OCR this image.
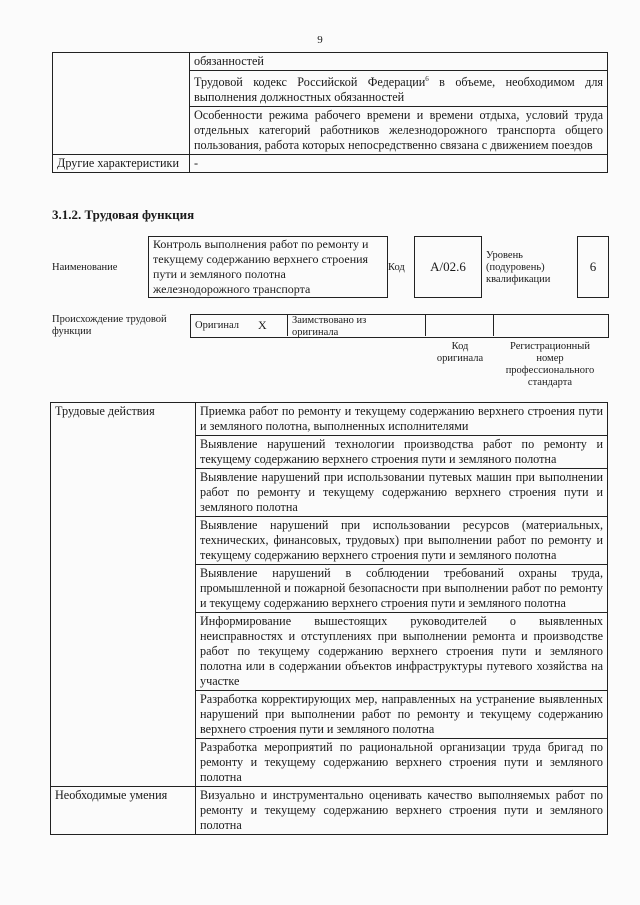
9
	обязанностей
	Трудовой кодекс Российской Федерации$^6$ в объеме, необходимом для выполнения должностных обязанностей
	Особенности режима рабочего времени и времени отдыха, условий труда отдельных категорий работников железнодорожного транспорта общего пользования, работа которых непосредственно связана с движением поездов
Другие характеристики	-
3.1.2. Трудовая функция
Наименование
Контроль выполнения работ по ремонту и текущему содержанию верхнего строения пути и земляного полотна железнодорожного транспорта
Код	А/02.6
Уровень (подуровень) квалификации
6
Происхождение трудовой функции
Оригинал X Заимствовано из оригинала
Код оригинала
Регистрационный номер профессионального стандарта
Трудовые действия	Приемка работ по ремонту и текущему содержанию верхнего строения пути и земляного полотна, выполненных исполнителями
	Выявление нарушений технологии производства работ по ремонту и текущему содержанию верхнего строения пути и земляного полотна
	Выявление нарушений при использовании путевых машин при выполнении работ по ремонту и текущему содержанию верхнего строения пути и земляного полотна
	Выявление нарушений при использовании ресурсов (материальных, технических, финансовых, трудовых) при выполнении работ по ремонту и текущему содержанию верхнего строения пути и земляного полотна
	Выявление нарушений в соблюдении требований охраны труда, промышленной и пожарной безопасности при выполнении работ по ремонту и текущему содержанию верхнего строения пути и земляного полотна
	Информирование вышестоящих руководителей о выявленных неисправностях и отступлениях при выполнении ремонта и производстве работ по текущему содержанию верхнего строения пути и земляного полотна или в содержании объектов инфраструктуры путевого хозяйства на участке
	Разработка корректирующих мер, направленных на устранение выявленных нарушений при выполнении работ по ремонту и текущему содержанию верхнего строения пути и земляного полотна
	Разработка мероприятий по рациональной организации труда бригад по ремонту и текущему содержанию верхнего строения пути и земляного полотна
Необходимые умения	Визуально и инструментально оценивать качество выполняемых работ по ремонту и текущему содержанию верхнего строения пути и земляного полотна
